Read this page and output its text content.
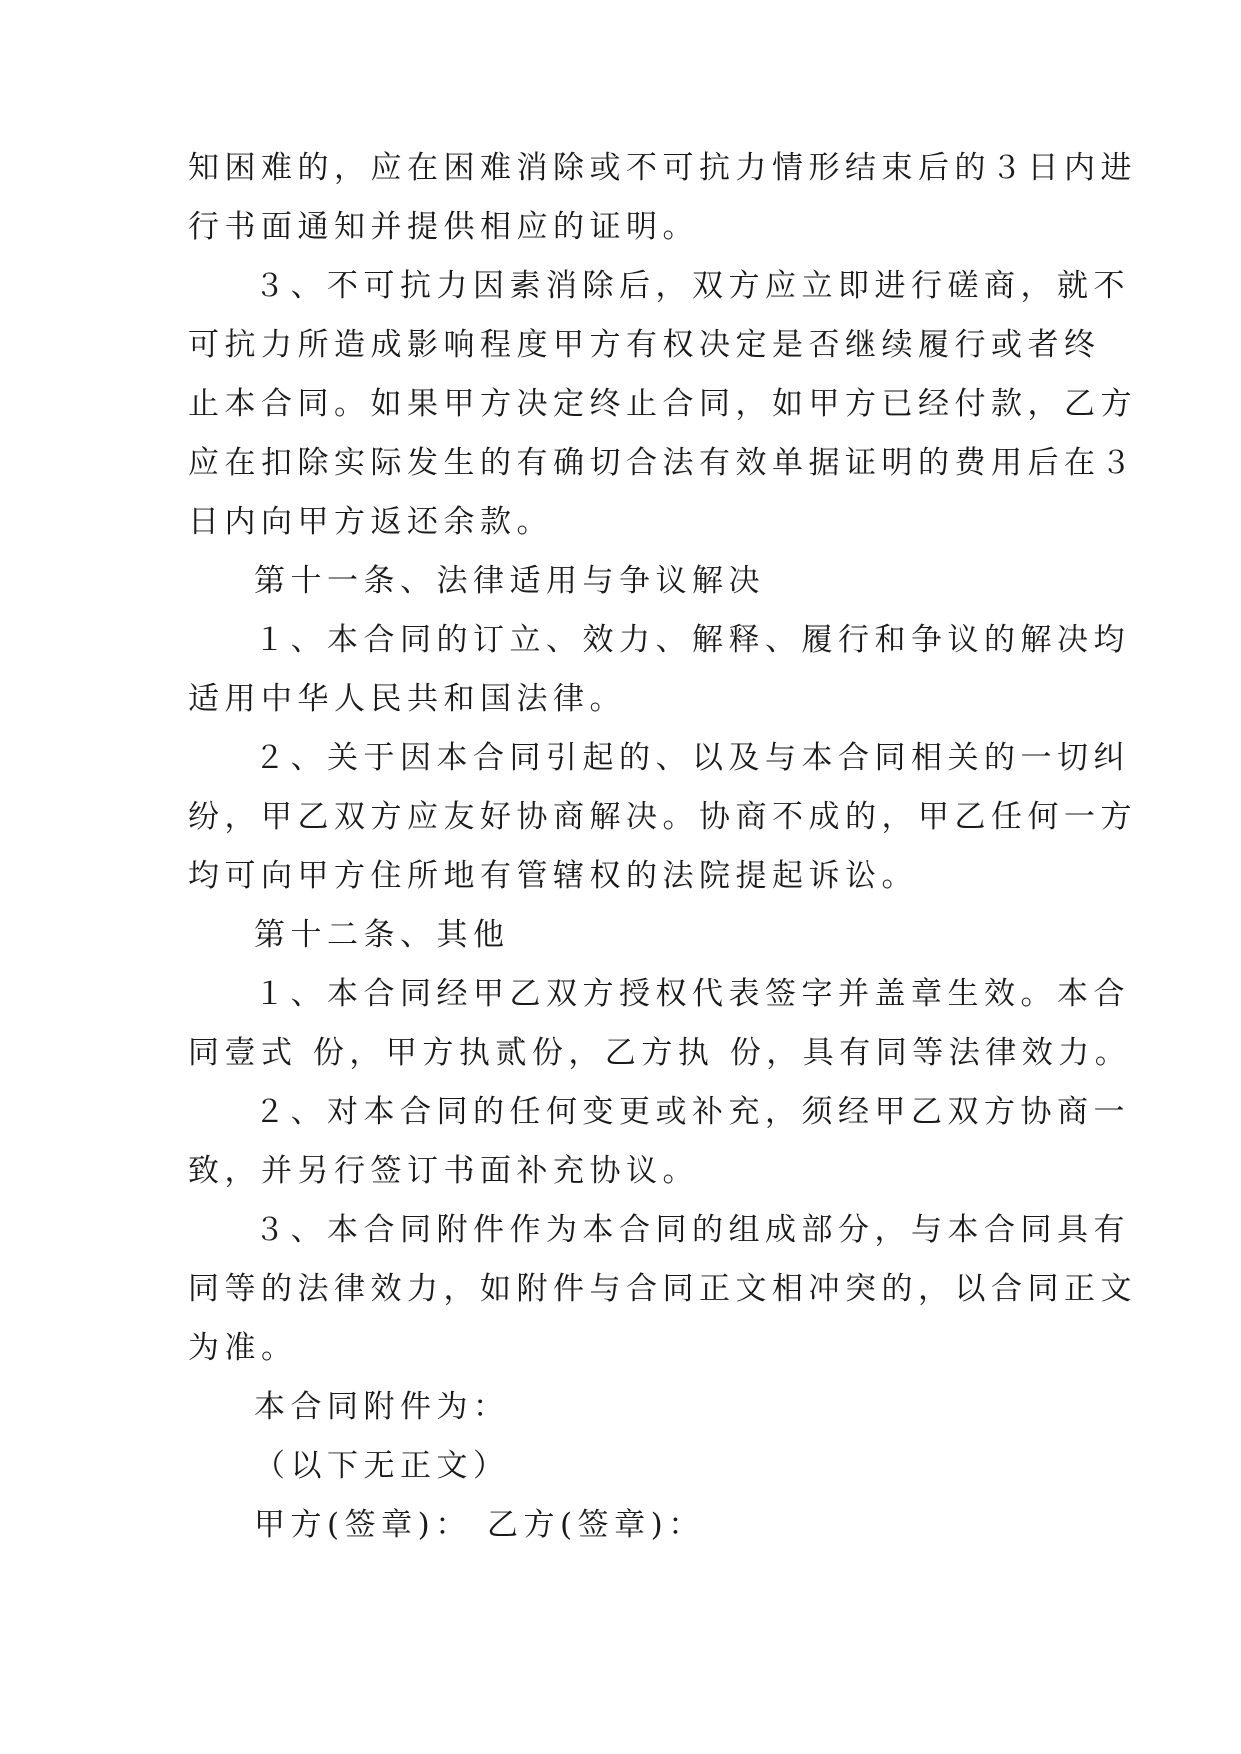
知困难的，应在困难消除或不可抗力情形结束后的３日内进
行书面通知并提供相应的证明。
３、不可抗力因素消除后，双方应立即进行磋商，就不
可抗力所造成影响程度甲方有权决定是否继续履行或者终
止本合同。如果甲方决定终止合同，如甲方已经付款，乙方
应在扣除实际发生的有确切合法有效单据证明的费用后在３
日内向甲方返还余款。
第十一条、法律适用与争议解决
１、本合同的订立、效力、解释、履行和争议的解决均
适用中华人民共和国法律。
２、关于因本合同引起的、以及与本合同相关的一切纠
纷，甲乙双方应友好协商解决。协商不成的，甲乙任何一方
均可向甲方住所地有管辖权的法院提起诉讼。
第十二条、其他
１、本合同经甲乙双方授权代表签字并盖章生效。本合
同壹式 份，甲方执贰份，乙方执 份，具有同等法律效力。
２、对本合同的任何变更或补充，须经甲乙双方协商一
致，并另行签订书面补充协议。
３、本合同附件作为本合同的组成部分，与本合同具有
同等的法律效力，如附件与合同正文相冲突的，以合同正文
为准。
本合同附件为：
（以下无正文）
甲方(签章)： 乙方(签章)：
